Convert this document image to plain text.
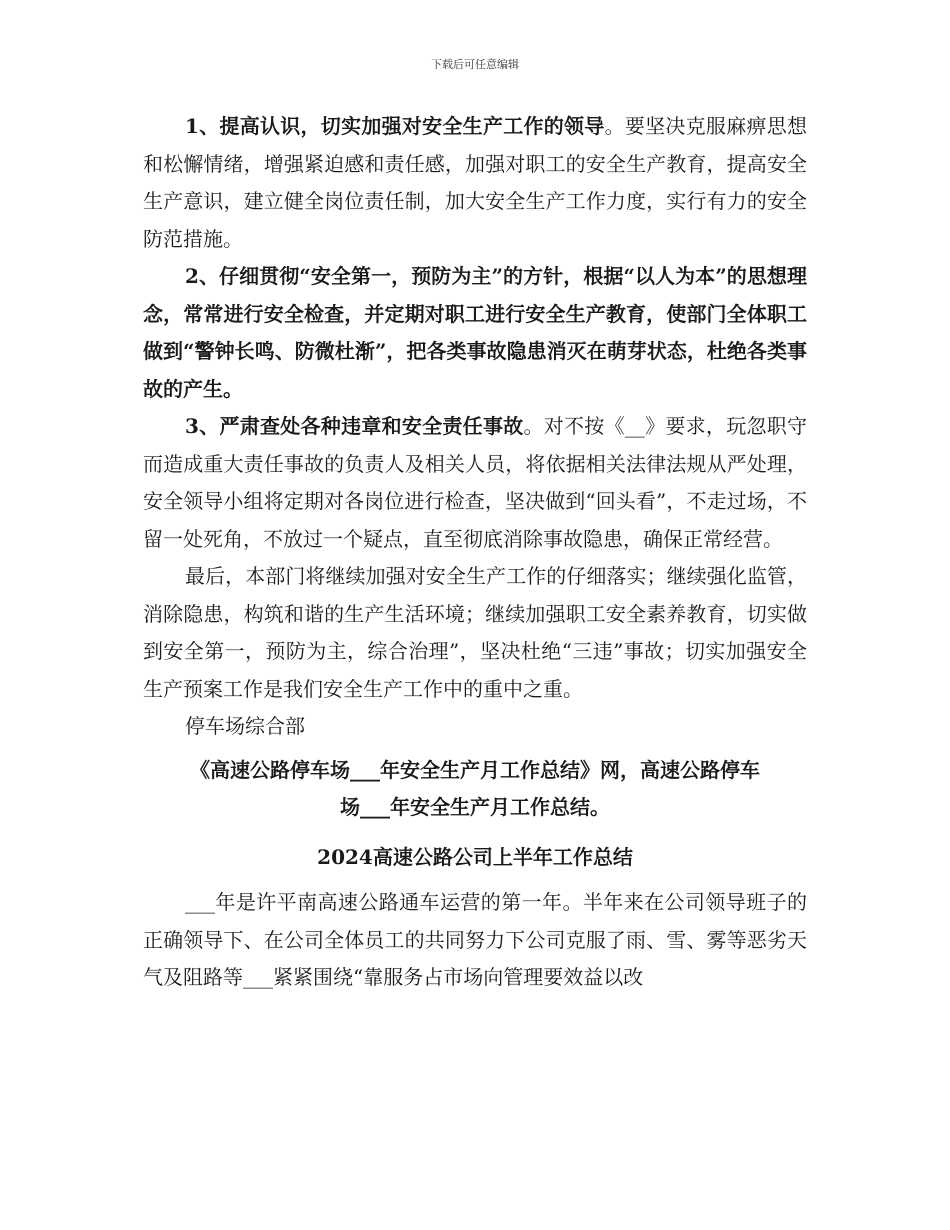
下载后可任意编辑

1、提高认识，切实加强对安全生产工作的领导。要坚决克服麻痹思想和松懈情绪，增强紧迫感和责任感，加强对职工的安全生产教育，提高安全生产意识，建立健全岗位责任制，加大安全生产工作力度，实行有力的安全防范措施。

2、仔细贯彻“安全第一，预防为主”的方针，根据“以人为本”的思想理念，常常进行安全检查，并定期对职工进行安全生产教育，使部门全体职工做到“警钟长鸣、防微杜渐”，把各类事故隐患消灭在萌芽状态，杜绝各类事故的产生。

3、严肃查处各种违章和安全责任事故。对不按《__》要求，玩忽职守而造成重大责任事故的负责人及相关人员，将依据相关法律法规从严处理，安全领导小组将定期对各岗位进行检查，坚决做到“回头看”，不走过场，不留一处死角，不放过一个疑点，直至彻底消除事故隐患，确保正常经营。

最后，本部门将继续加强对安全生产工作的仔细落实；继续强化监管，消除隐患，构筑和谐的生产生活环境；继续加强职工安全素养教育，切实做到安全第一，预防为主，综合治理”，坚决杜绝“三违”事故；切实加强安全生产预案工作是我们安全生产工作中的重中之重。

停车场综合部

《高速公路停车场___年安全生产月工作总结》网，高速公路停车

场___年安全生产月工作总结。

2024高速公路公司上半年工作总结

___年是许平南高速公路通车运营的第一年。半年来在公司领导班子的正确领导下、在公司全体员工的共同努力下公司克服了雨、雪、雾等恶劣天气及阻路等___紧紧围绕“靠服务占市场向管理要效益以改
